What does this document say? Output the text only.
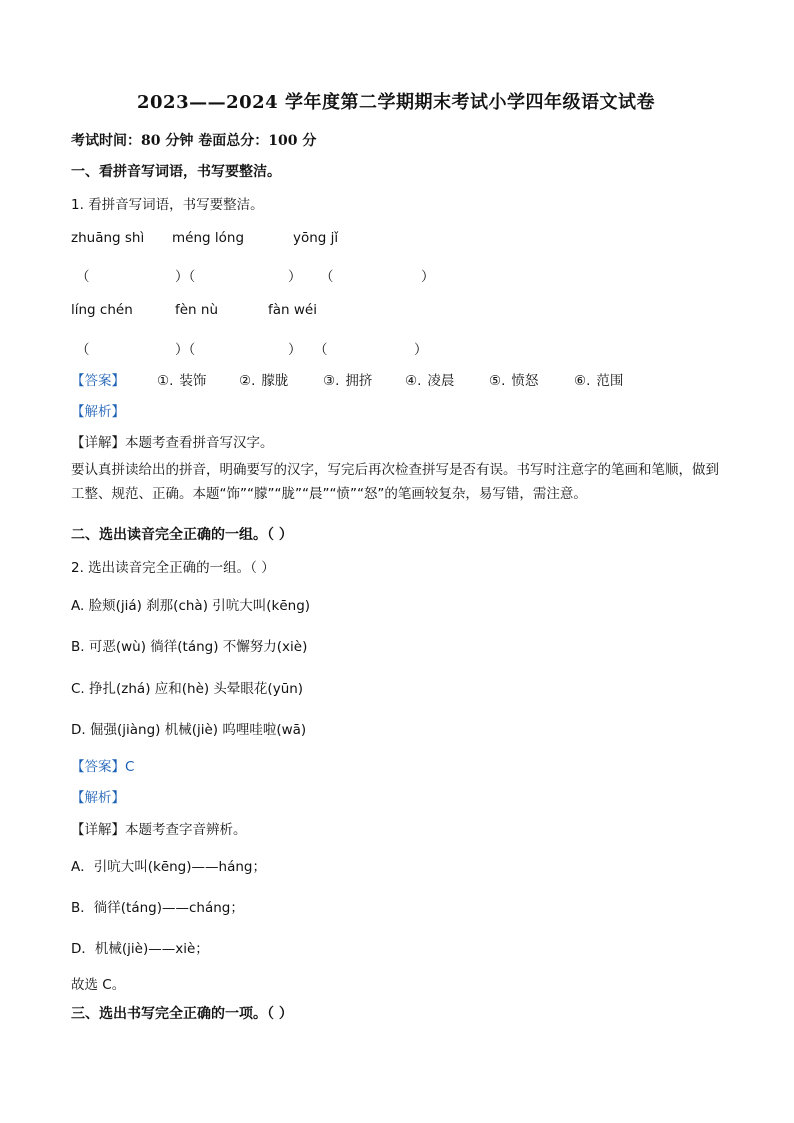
2023——2024 学年度第二学期期末考试小学四年级语文试卷
考试时间：80 分钟 卷面总分：100 分
一、看拼音写词语，书写要整洁。
1. 看拼音写词语，书写要整洁。
zhuāng shì méng lóng	yōng jǐ
（	）（	） （	）
líng chén	fèn nù	fàn wéi
（	）（	） （	）
【答案】 ①. 装饰 ②. 朦胧	③. 拥挤 ④. 凌晨	⑤. 愤怒	⑥. 范围
【解析】
【详解】本题考查看拼音写汉字。
要认真拼读给出的拼音，明确要写的汉字，写完后再次检查拼写是否有误。书写时注意字的笔画和笔顺，做到工整、规范、正确。本题“饰”“朦”“胧”“晨”“愤”“怒”的笔画较复杂，易写错，需注意。
二、选出读音完全正确的一组。（ ）
2. 选出读音完全正确的一组。（ ）
A. 脸颊(jiá) 刹那(chà) 引吭大叫(kēng)
B. 可恶(wù) 徜徉(táng) 不懈努力(xiè)
C. 挣扎(zhá) 应和(hè) 头晕眼花(yūn)
D. 倔强(jiàng) 机械(jiè) 呜哩哇啦(wā)
【答案】C
【解析】
【详解】本题考查字音辨析。
A．引吭大叫(kēng)——háng；
B．徜徉(táng)——cháng；
D．机械(jiè)——xiè；
故选 C。
三、选出书写完全正确的一项。（ ）
